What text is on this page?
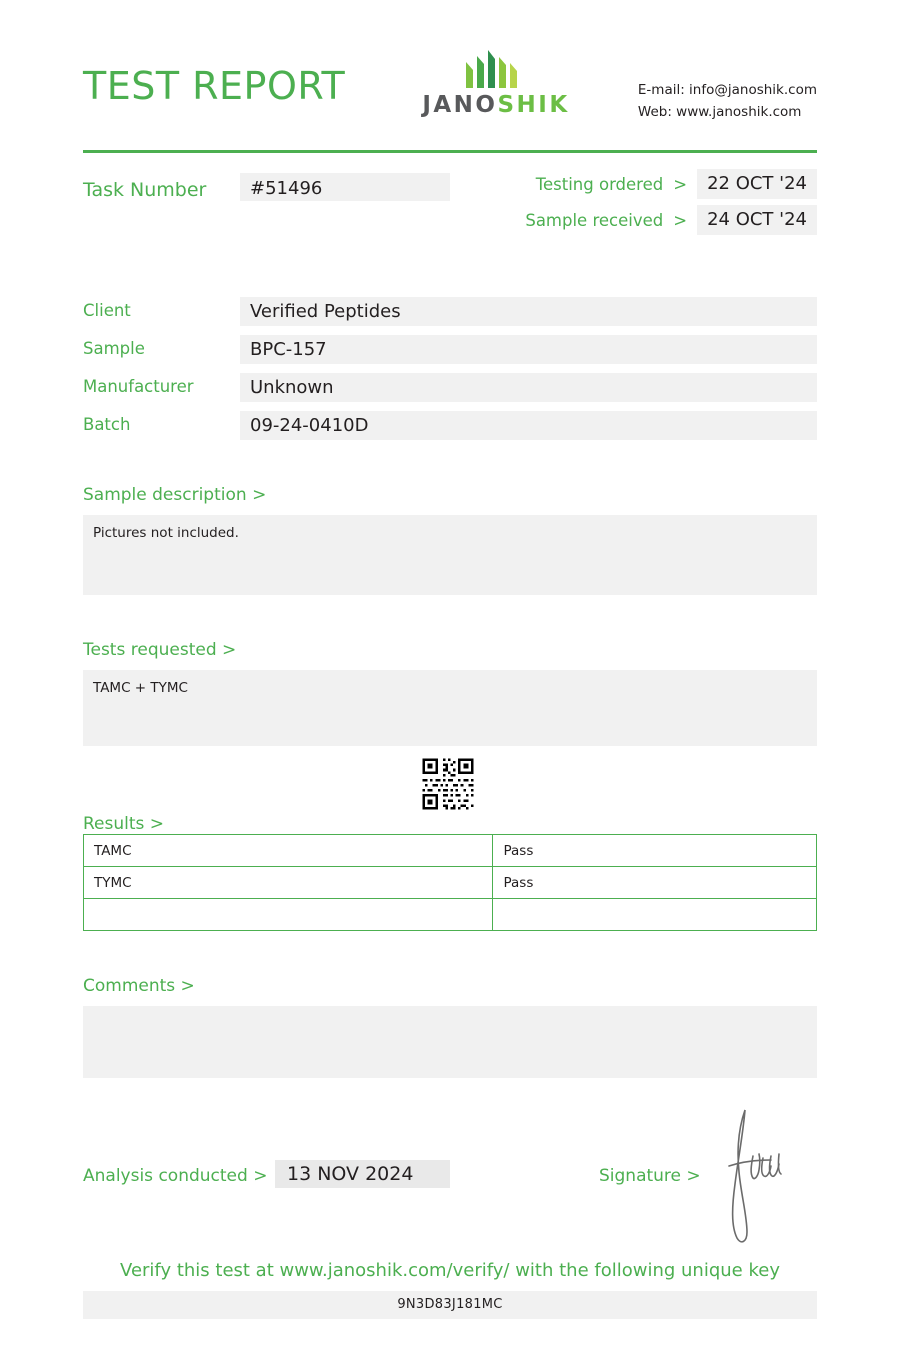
TEST REPORT	JANOSHIK
E-mail: info@janoshik.com
Web: www.janoshik.com
Task Number	#51496	Testing ordered >	22 OCT '24
Sample received >	24 OCT '24
Client	Verified Peptides
Sample	BPC-157
Manufacturer	Unknown
Batch	09-24-0410D
Sample description >
Pictures not included.
Tests requested >
TAMC + TYMC
Results >
TAMC	Pass
TYMC	Pass

Comments >
Analysis conducted >	13 NOV 2024	Signature >
Verify this test at www.janoshik.com/verify/ with the following unique key
9N3D83J181MC
